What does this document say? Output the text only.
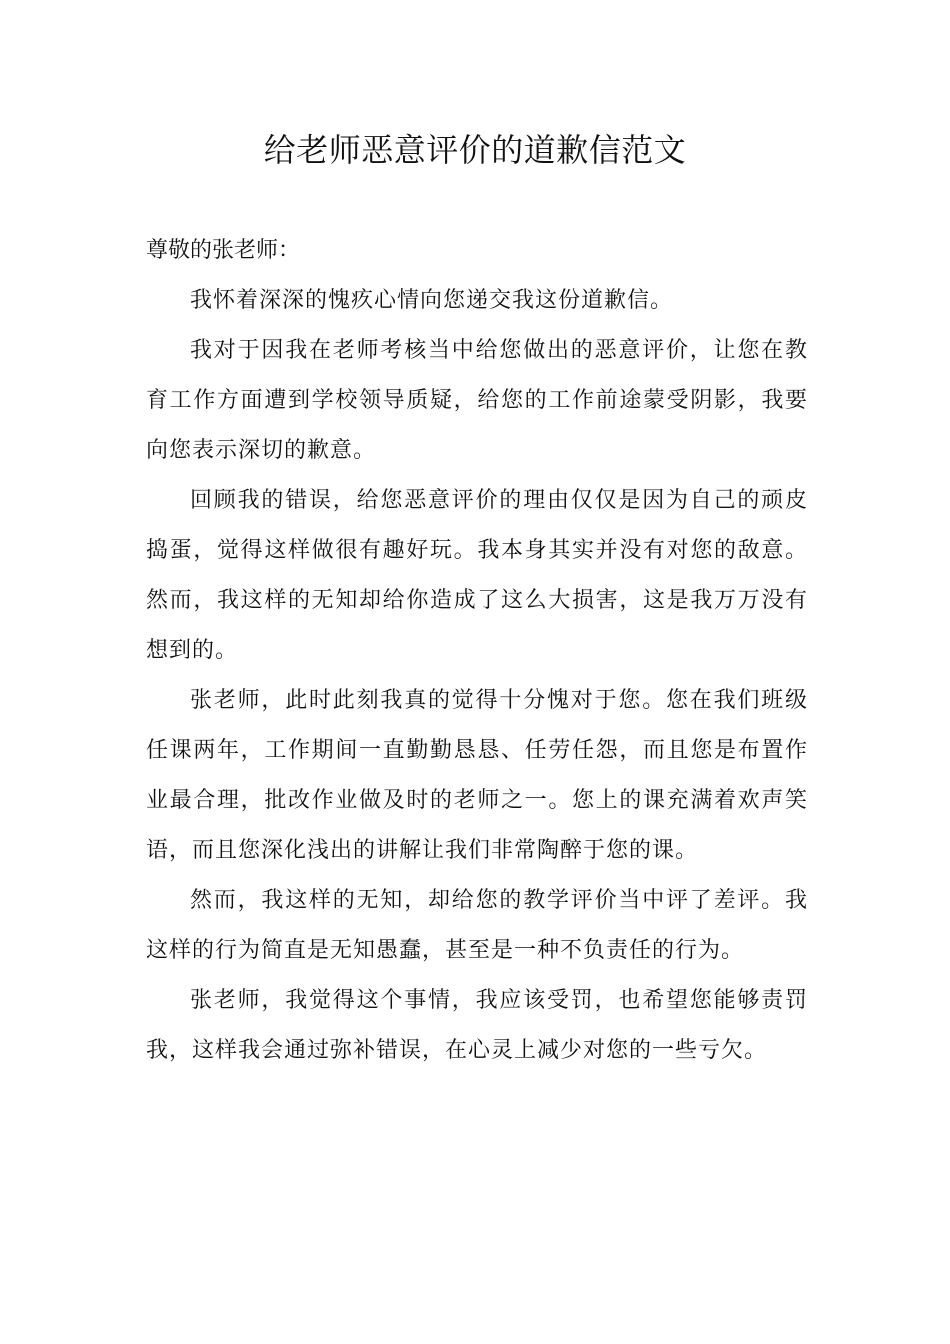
给老师恶意评价的道歉信范文

尊敬的张老师：

我怀着深深的愧疚心情向您递交我这份道歉信。

我对于因我在老师考核当中给您做出的恶意评价，让您在教育工作方面遭到学校领导质疑，给您的工作前途蒙受阴影，我要向您表示深切的歉意。

回顾我的错误，给您恶意评价的理由仅仅是因为自己的顽皮捣蛋，觉得这样做很有趣好玩。我本身其实并没有对您的敌意。然而，我这样的无知却给你造成了这么大损害，这是我万万没有想到的。

张老师，此时此刻我真的觉得十分愧对于您。您在我们班级任课两年，工作期间一直勤勤恳恳、任劳任怨，而且您是布置作业最合理，批改作业做及时的老师之一。您上的课充满着欢声笑语，而且您深化浅出的讲解让我们非常陶醉于您的课。

然而，我这样的无知，却给您的教学评价当中评了差评。我这样的行为简直是无知愚蠢，甚至是一种不负责任的行为。

张老师，我觉得这个事情，我应该受罚，也希望您能够责罚我，这样我会通过弥补错误，在心灵上减少对您的一些亏欠。
